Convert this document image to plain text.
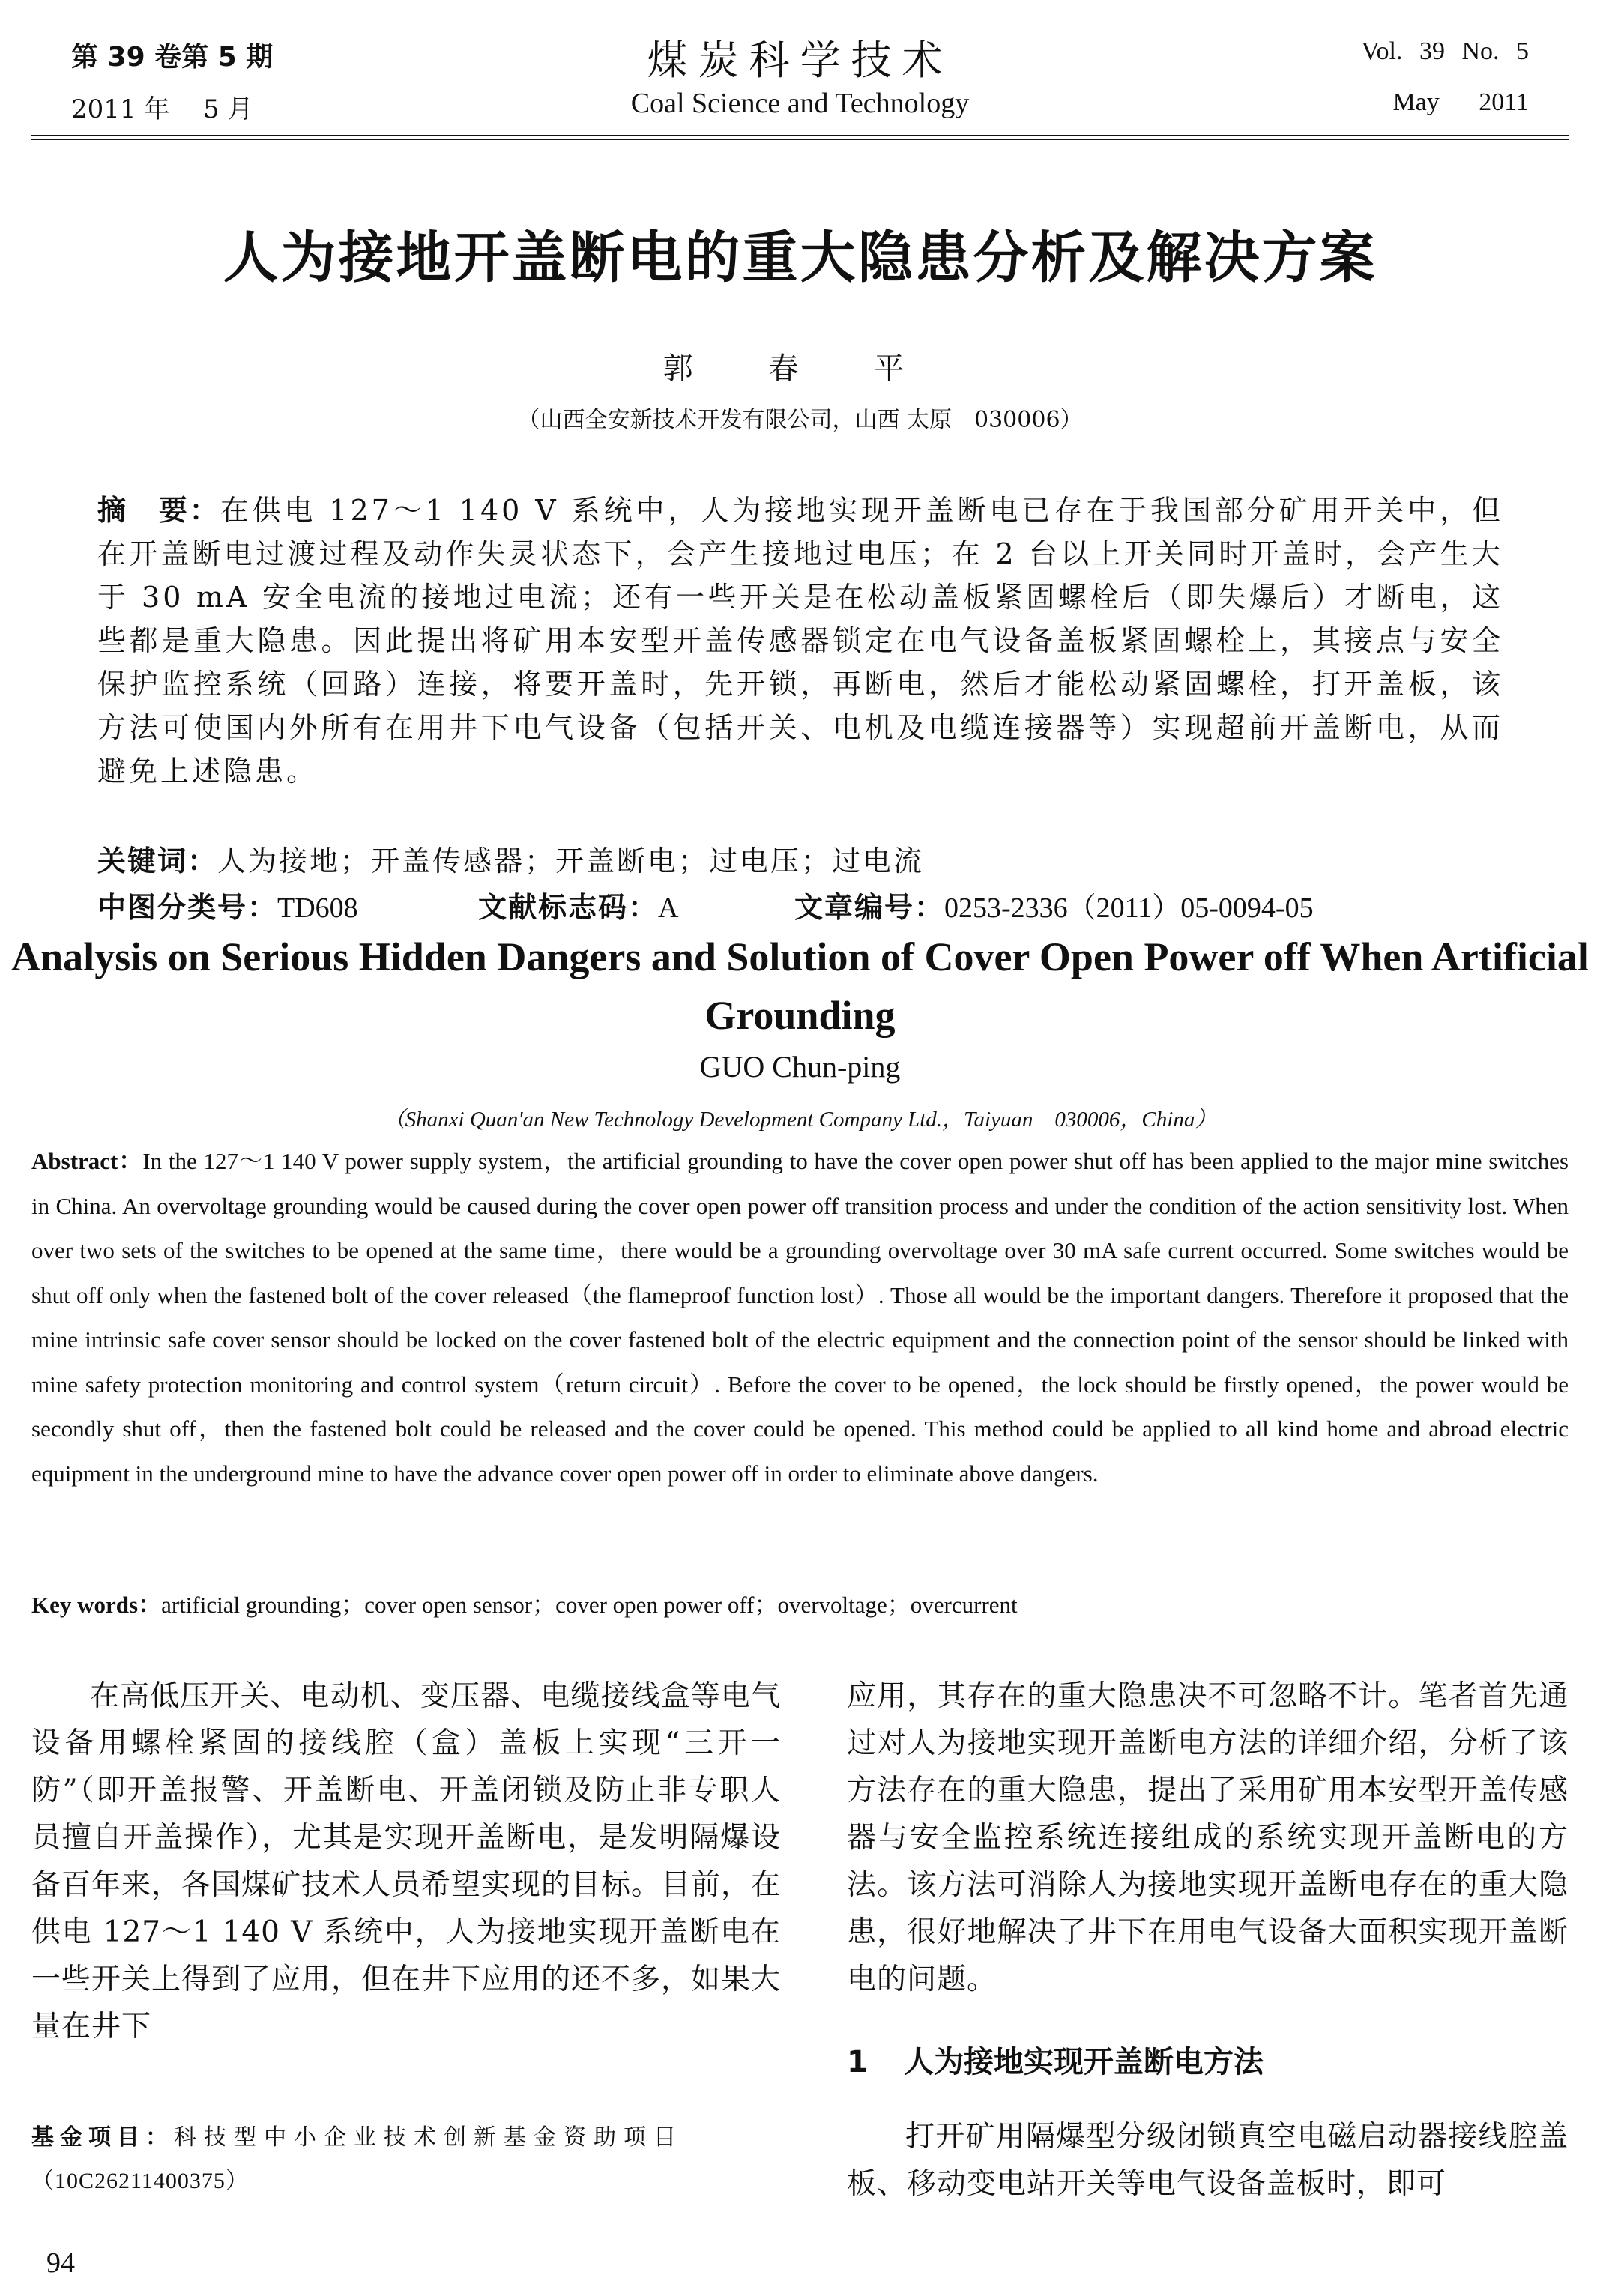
第 39 卷第 5 期
2011 年　 5 月
煤炭科学技术
Coal Science and Technology
Vol. 39 No. 5
May 2011
人为接地开盖断电的重大隐患分析及解决方案
郭 春 平
（山西全安新技术开发有限公司，山西 太原　030006）
摘　要：在供电 127～1 140 V 系统中，人为接地实现开盖断电已存在于我国部分矿用开关中，但在开盖断电过渡过程及动作失灵状态下，会产生接地过电压；在 2 台以上开关同时开盖时，会产生大于 30 mA 安全电流的接地过电流；还有一些开关是在松动盖板紧固螺栓后（即失爆后）才断电，这些都是重大隐患。因此提出将矿用本安型开盖传感器锁定在电气设备盖板紧固螺栓上，其接点与安全保护监控系统（回路）连接，将要开盖时，先开锁，再断电，然后才能松动紧固螺栓，打开盖板，该方法可使国内外所有在用井下电气设备（包括开关、电机及电缆连接器等）实现超前开盖断电，从而避免上述隐患。
关键词：人为接地；开盖传感器；开盖断电；过电压；过电流
中图分类号：TD608	文献标志码：A	文章编号：0253-2336（2011）05-0094-05
Analysis on Serious Hidden Dangers and Solution of Cover Open Power off When Artificial Grounding
GUO Chun-ping
（Shanxi Quan'an New Technology Development Company Ltd.，Taiyuan　030006，China）
Abstract：In the 127～1 140 V power supply system，the artificial grounding to have the cover open power shut off has been applied to the major mine switches in China. An overvoltage grounding would be caused during the cover open power off transition process and under the condition of the action sensitivity lost. When over two sets of the switches to be opened at the same time，there would be a grounding overvoltage over 30 mA safe current occurred. Some switches would be shut off only when the fastened bolt of the cover released（the flameproof function lost）. Those all would be the important dangers. Therefore it proposed that the mine intrinsic safe cover sensor should be locked on the cover fastened bolt of the electric equipment and the connection point of the sensor should be linked with mine safety protection monitoring and control system（return circuit）. Before the cover to be opened，the lock should be firstly opened，the power would be secondly shut off，then the fastened bolt could be released and the cover could be opened. This method could be applied to all kind home and abroad electric equipment in the underground mine to have the advance cover open power off in order to eliminate above dangers.
Key words：artificial grounding；cover open sensor；cover open power off；overvoltage；overcurrent
在高低压开关、电动机、变压器、电缆接线盒等电气设备用螺栓紧固的接线腔（盒）盖板上实现“三开一防”（即开盖报警、开盖断电、开盖闭锁及防止非专职人员擅自开盖操作），尤其是实现开盖断电，是发明隔爆设备百年来，各国煤矿技术人员希望实现的目标。目前，在供电 127～1 140 V 系统中，人为接地实现开盖断电在一些开关上得到了应用，但在井下应用的还不多，如果大量在井下
应用，其存在的重大隐患决不可忽略不计。笔者首先通过对人为接地实现开盖断电方法的详细介绍，分析了该方法存在的重大隐患，提出了采用矿用本安型开盖传感器与安全监控系统连接组成的系统实现开盖断电的方法。该方法可消除人为接地实现开盖断电存在的重大隐患，很好地解决了井下在用电气设备大面积实现开盖断电的问题。
1 人为接地实现开盖断电方法
打开矿用隔爆型分级闭锁真空电磁启动器接线腔盖板、移动变电站开关等电气设备盖板时，即可
基金项目：科技型中小企业技术创新基金资助项目
（10C26211400375）
94
